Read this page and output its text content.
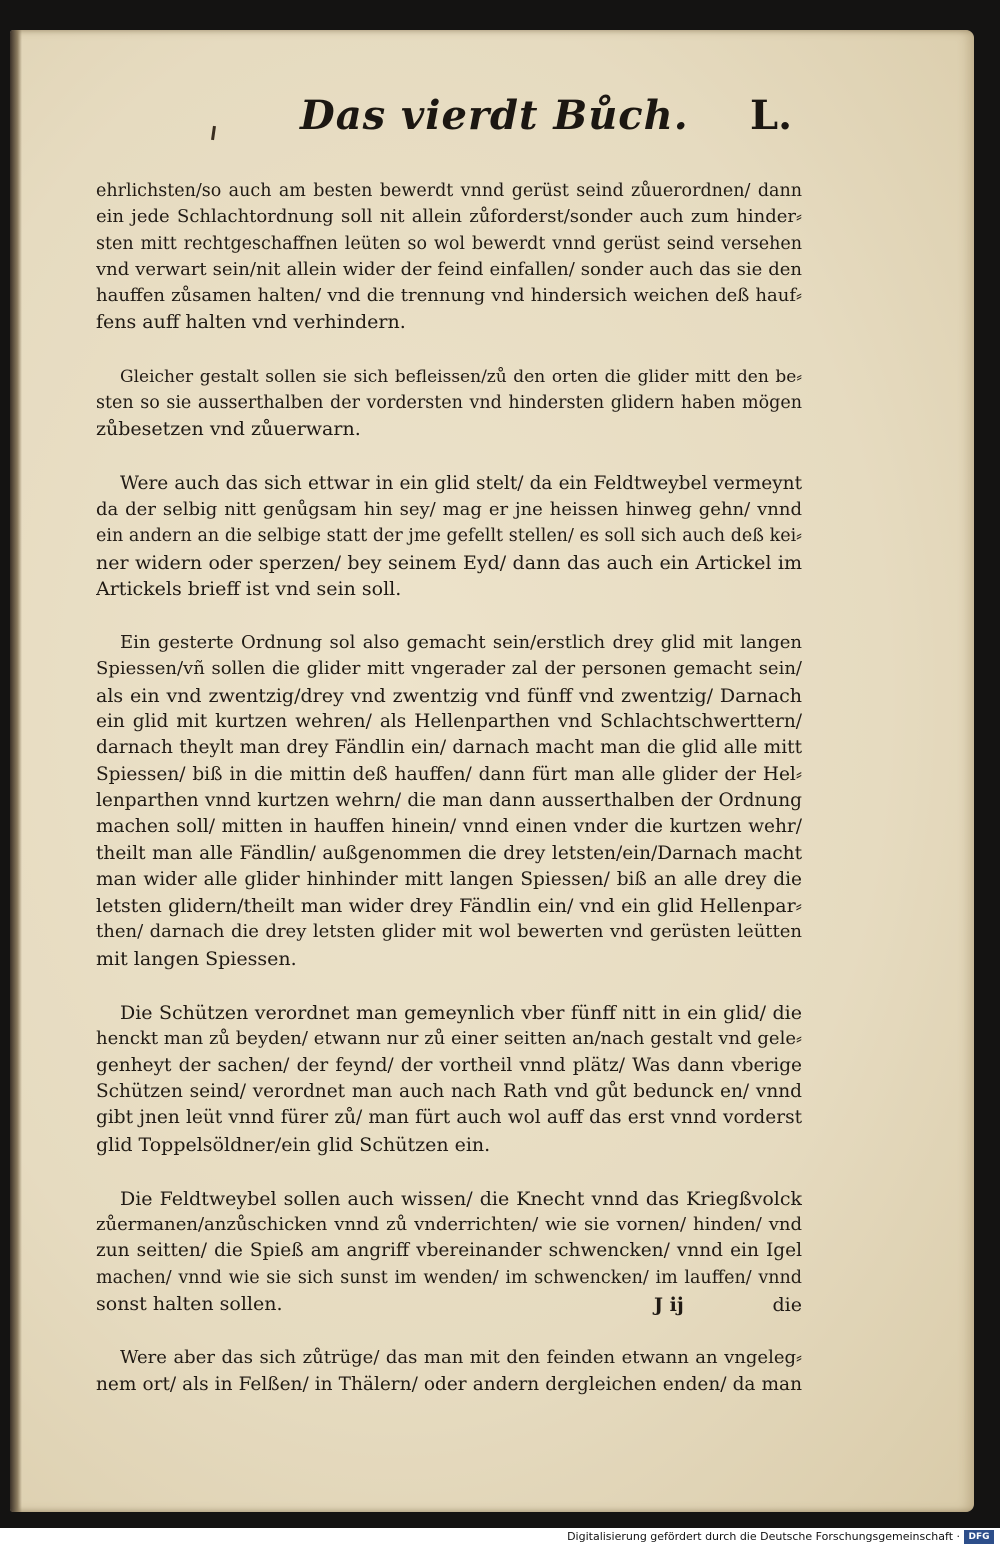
Das vierdt Bůch. L.
ehrlichsten/so auch am besten bewerdt vnnd gerüst seind zůuerordnen/ dann
ein jede Schlachtordnung soll nit allein zůforderst/sonder auch zum hinder⸗
sten mitt rechtgeschaffnen leüten so wol bewerdt vnnd gerüst seind versehen
vnd verwart sein/nit allein wider der feind einfallen/ sonder auch das sie den
hauffen zůsamen halten/ vnd die trennung vnd hindersich weichen deß hauf⸗
fens auff halten vnd verhindern.
Gleicher gestalt sollen sie sich befleissen/zů den orten die glider mitt den be⸗
sten so sie ausserthalben der vordersten vnd hindersten glidern haben mögen
zůbesetzen vnd zůuerwarn.
Were auch das sich ettwar in ein glid stelt/ da ein Feldtweybel vermeynt
da der selbig nitt genůgsam hin sey/ mag er jne heissen hinweg gehn/ vnnd
ein andern an die selbige statt der jme gefellt stellen/ es soll sich auch deß kei⸗
ner widern oder sperzen/ bey seinem Eyd/ dann das auch ein Artickel im
Artickels brieff ist vnd sein soll.
Ein gesterte Ordnung sol also gemacht sein/erstlich drey glid mit langen
Spiessen/vñ sollen die glider mitt vngerader zal der personen gemacht sein/
als ein vnd zwentzig/drey vnd zwentzig vnd fünff vnd zwentzig/ Darnach
ein glid mit kurtzen wehren/ als Hellenparthen vnd Schlachtschwerttern/
darnach theylt man drey Fändlin ein/ darnach macht man die glid alle mitt
Spiessen/ biß in die mittin deß hauffen/ dann fürt man alle glider der Hel⸗
lenparthen vnnd kurtzen wehrn/ die man dann ausserthalben der Ordnung
machen soll/ mitten in hauffen hinein/ vnnd einen vnder die kurtzen wehr/
theilt man alle Fändlin/ außgenommen die drey letsten/ein/Darnach macht
man wider alle glider hinhinder mitt langen Spiessen/ biß an alle drey die
letsten glidern/theilt man wider drey Fändlin ein/ vnd ein glid Hellenpar⸗
then/ darnach die drey letsten glider mit wol bewerten vnd gerüsten leütten
mit langen Spiessen.
Die Schützen verordnet man gemeynlich vber fünff nitt in ein glid/ die
henckt man zů beyden/ etwann nur zů einer seitten an/nach gestalt vnd gele⸗
genheyt der sachen/ der feynd/ der vortheil vnnd plätz/ Was dann vberige
Schützen seind/ verordnet man auch nach Rath vnd gůt bedunck en/ vnnd
gibt jnen leüt vnnd fürer zů/ man fürt auch wol auff das erst vnnd vorderst
glid Toppelsöldner/ein glid Schützen ein.
Die Feldtweybel sollen auch wissen/ die Knecht vnnd das Kriegßvolck
zůermanen/anzůschicken vnnd zů vnderrichten/ wie sie vornen/ hinden/ vnd
zun seitten/ die Spieß am angriff vbereinander schwencken/ vnnd ein Igel
machen/ vnnd wie sie sich sunst im wenden/ im schwencken/ im lauffen/ vnnd
sonst halten sollen.
Were aber das sich zůtrüge/ das man mit den feinden etwann an vngeleg⸗
nem ort/ als in Felßen/ in Thälern/ oder andern dergleichen enden/ da man
J ij	die
Digitalisierung gefördert durch die Deutsche Forschungsgemeinschaft · DFG
